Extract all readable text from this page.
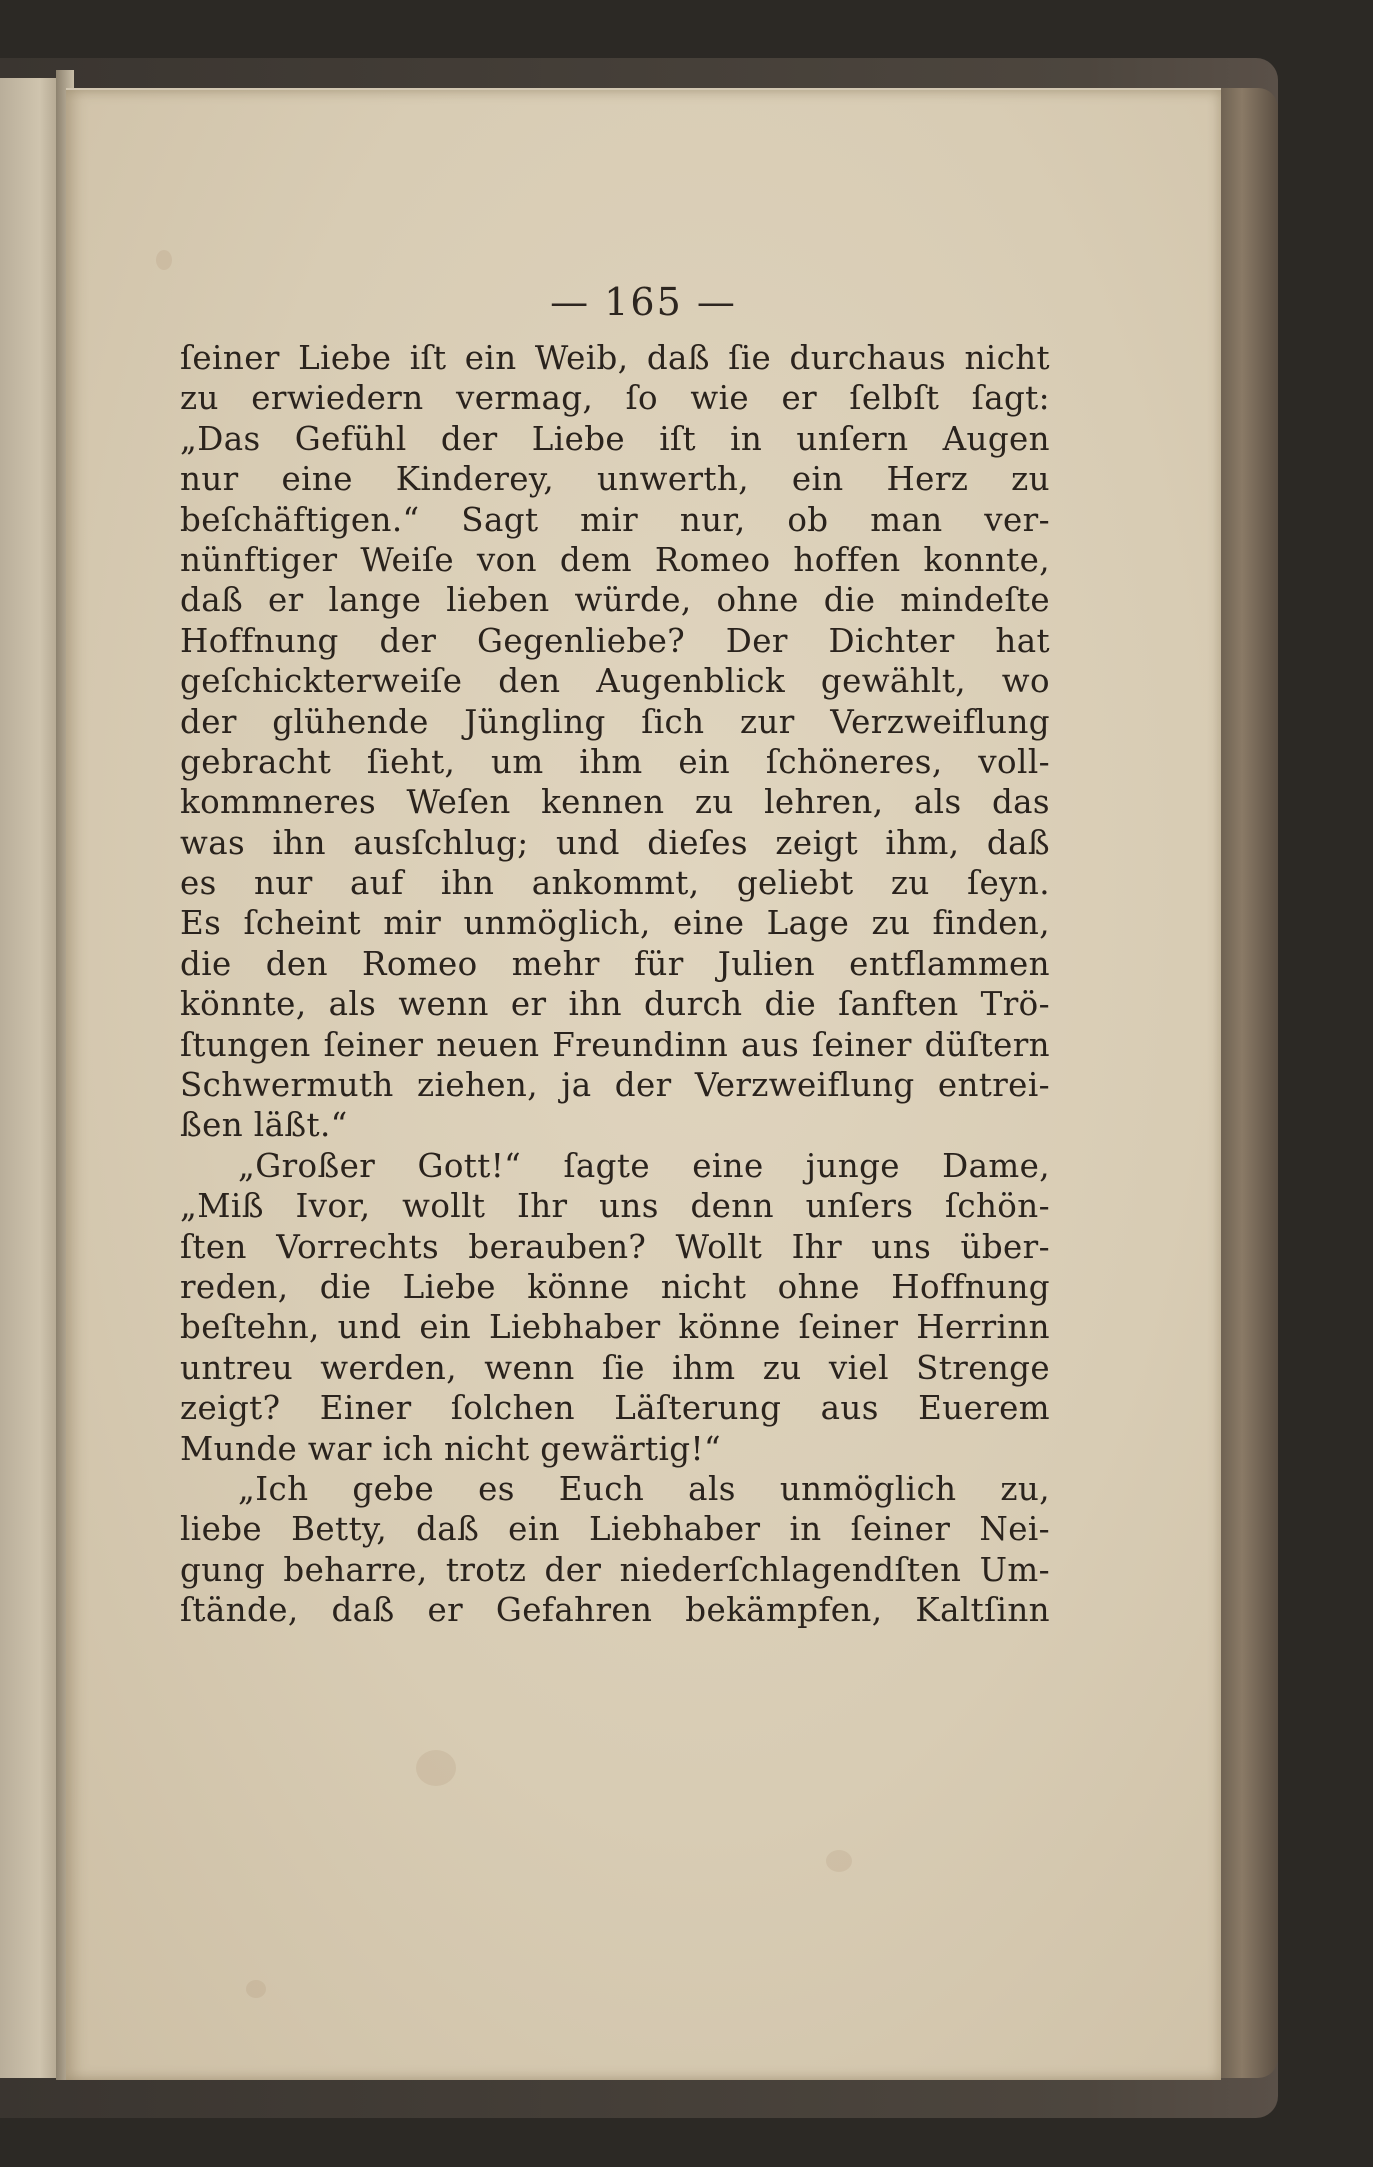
— 165 —
ſeiner Liebe iſt ein Weib, daß ſie durchaus nicht
zu erwiedern vermag, ſo wie er ſelbſt ſagt:
„Das Gefühl der Liebe iſt in unſern Augen
nur eine Kinderey, unwerth, ein Herz zu
beſchäftigen.“ Sagt mir nur, ob man ver-
nünftiger Weiſe von dem Romeo hoffen konnte,
daß er lange lieben würde, ohne die mindeſte
Hoffnung der Gegenliebe? Der Dichter hat
geſchickterweiſe den Augenblick gewählt, wo
der glühende Jüngling ſich zur Verzweiflung
gebracht ſieht, um ihm ein ſchöneres, voll-
kommneres Weſen kennen zu lehren, als das
was ihn ausſchlug; und dieſes zeigt ihm, daß
es nur auf ihn ankommt, geliebt zu ſeyn.
Es ſcheint mir unmöglich, eine Lage zu finden,
die den Romeo mehr für Julien entflammen
könnte, als wenn er ihn durch die ſanften Trö-
ſtungen ſeiner neuen Freundinn aus ſeiner düſtern
Schwermuth ziehen, ja der Verzweiflung entrei-
ßen läßt.“
„Großer Gott!“ ſagte eine junge Dame,
„Miß Ivor, wollt Ihr uns denn unſers ſchön-
ſten Vorrechts berauben? Wollt Ihr uns über-
reden, die Liebe könne nicht ohne Hoffnung
beſtehn, und ein Liebhaber könne ſeiner Herrinn
untreu werden, wenn ſie ihm zu viel Strenge
zeigt? Einer ſolchen Läſterung aus Euerem
Munde war ich nicht gewärtig!“
„Ich gebe es Euch als unmöglich zu,
liebe Betty, daß ein Liebhaber in ſeiner Nei-
gung beharre, trotz der niederſchlagendſten Um-
ſtände, daß er Gefahren bekämpfen, Kaltſinn
